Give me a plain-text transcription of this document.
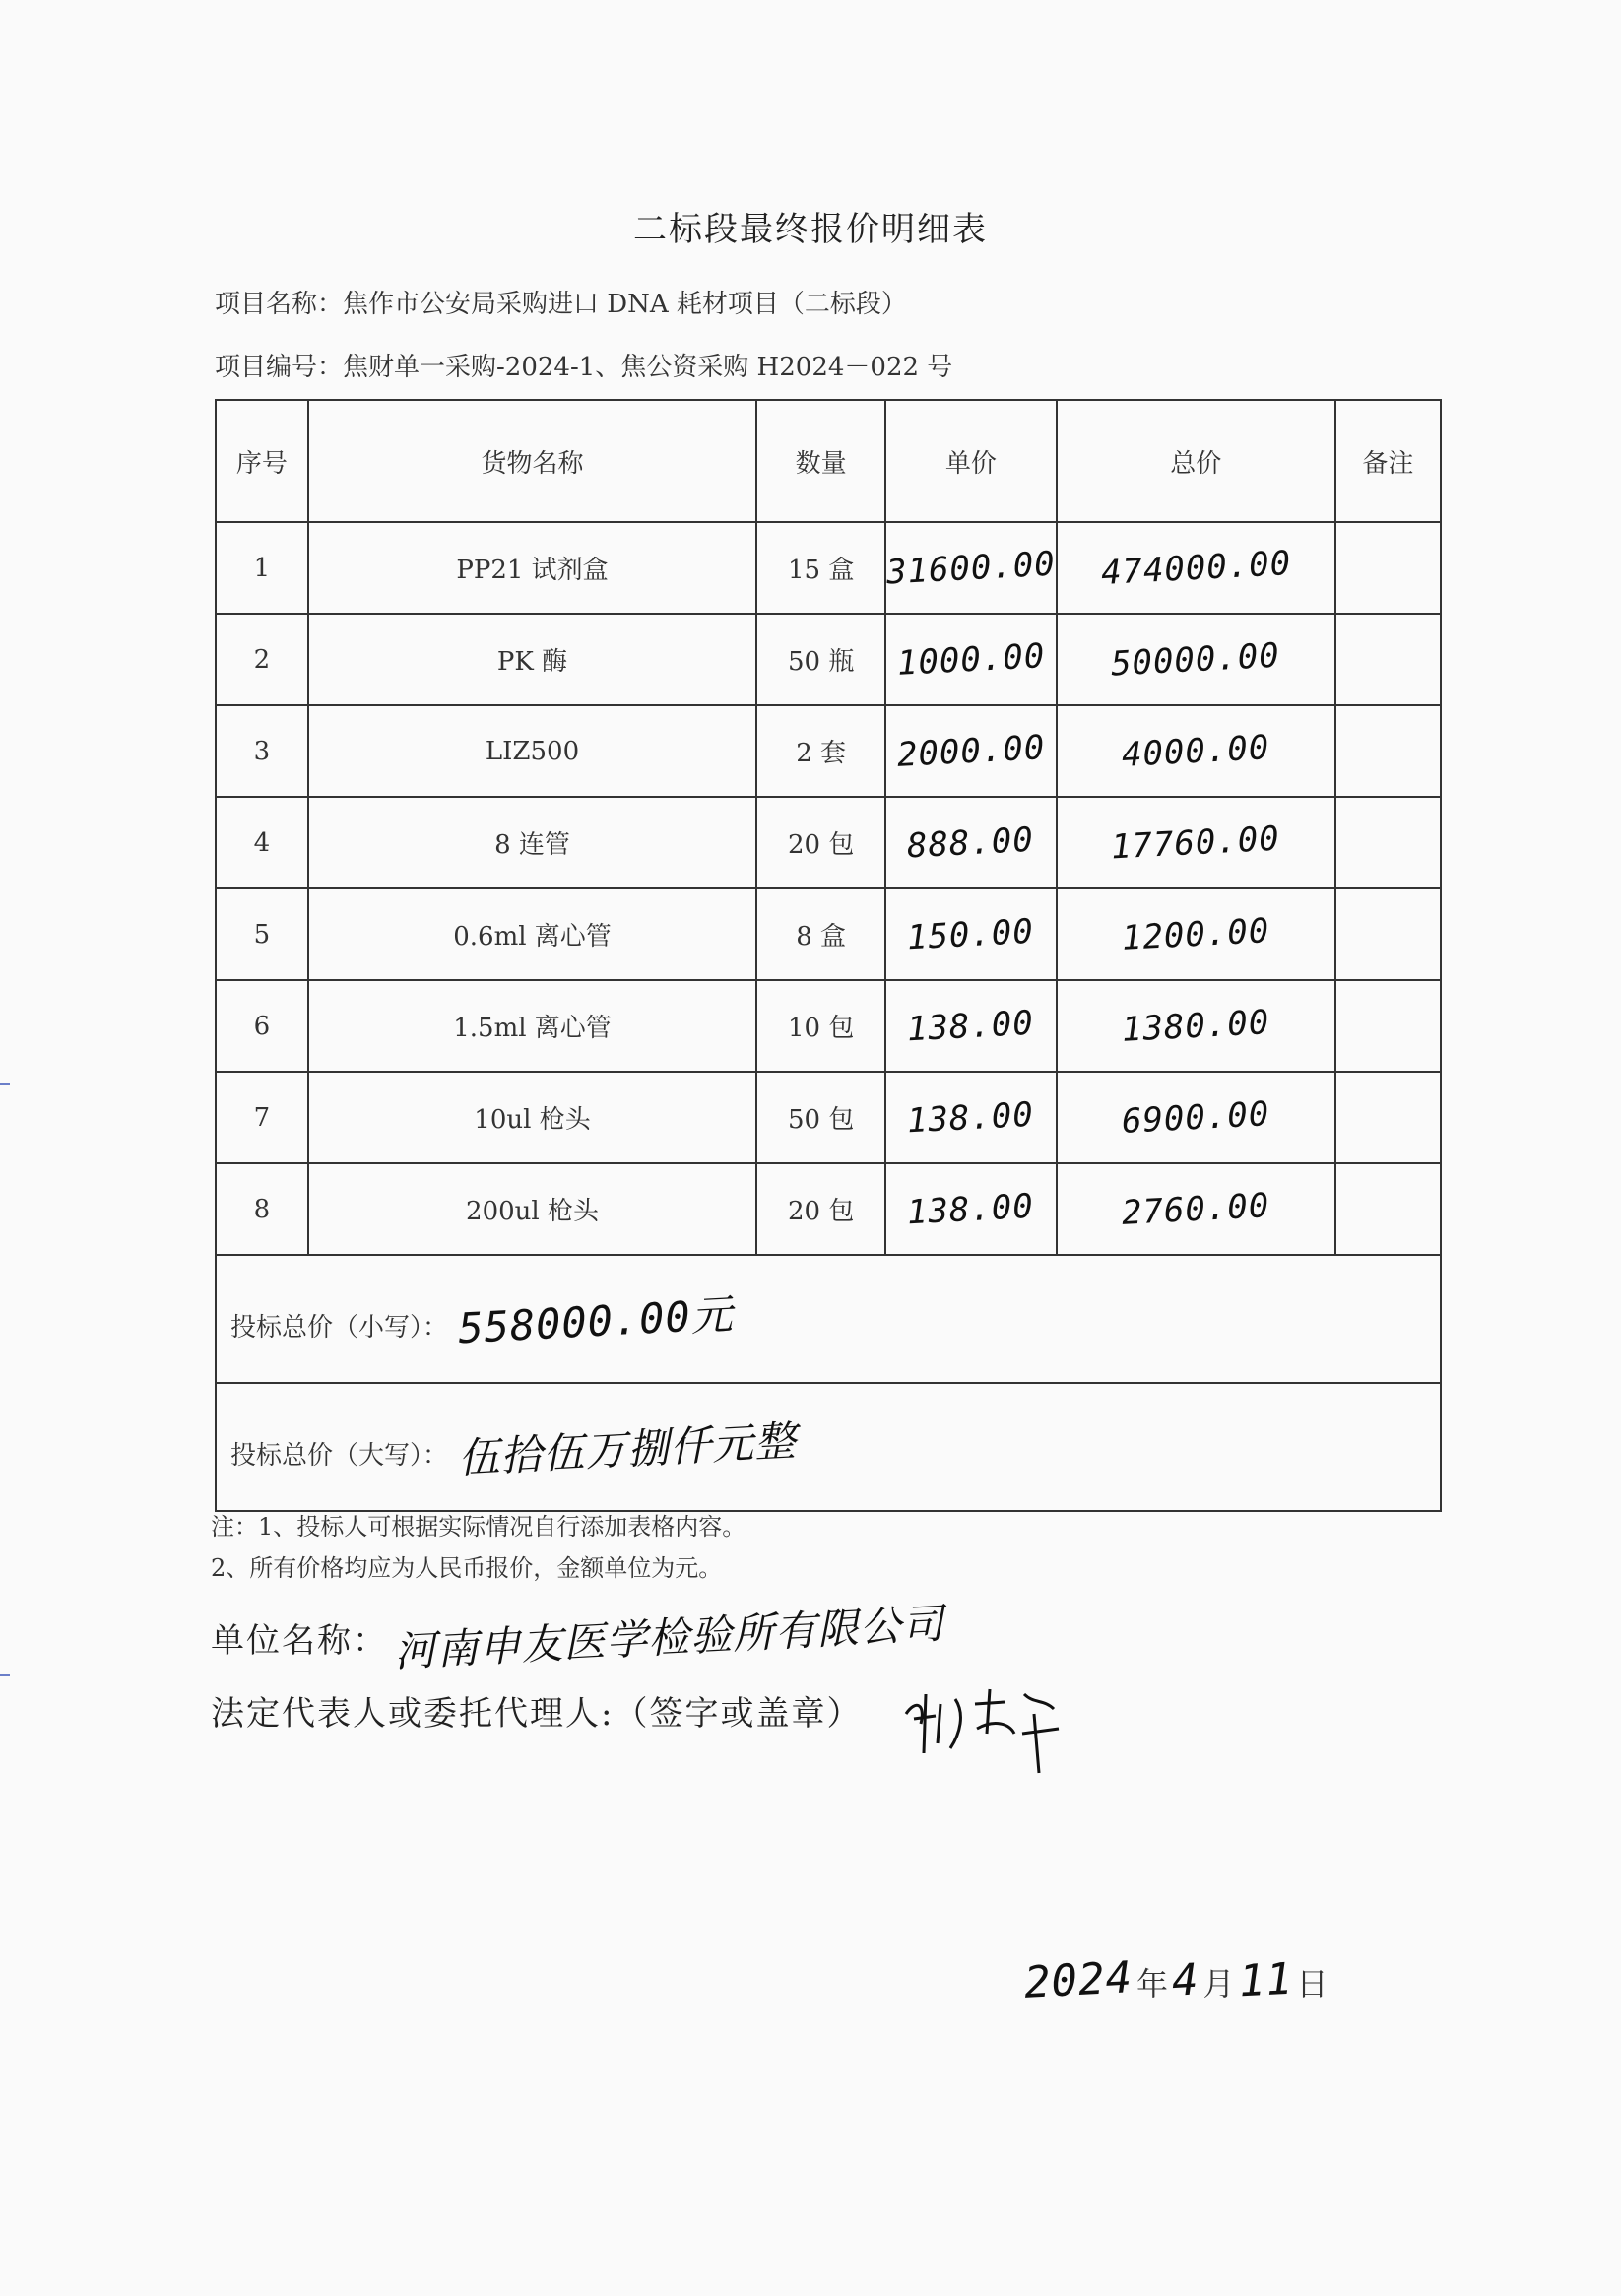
二标段最终报价明细表
项目名称：焦作市公安局采购进口 DNA 耗材项目（二标段）
项目编号：焦财单一采购-2024-1、焦公资采购 H2024－022 号
序号	货物名称	数量	单价	总价	备注
1	PP21 试剂盒	15 盒	31600.00	474000.00	
2	PK 酶	50 瓶	1000.00	50000.00	
3	LIZ500	2 套	2000.00	4000.00	
4	8 连管	20 包	888.00	17760.00	
5	0.6ml 离心管	8 盒	150.00	1200.00	
6	1.5ml 离心管	10 包	138.00	1380.00	
7	10ul 枪头	50 包	138.00	6900.00	
8	200ul 枪头	20 包	138.00	2760.00	
投标总价（小写）： 558000.00元					
投标总价（大写）： 伍拾伍万捌仟元整					
注：1、投标人可根据实际情况自行添加表格内容。
2、所有价格均应为人民币报价，金额单位为元。
单位名称： 河南申友医学检验所有限公司
法定代表人或委托代理人:（签字或盖章）
2024年4月11日
